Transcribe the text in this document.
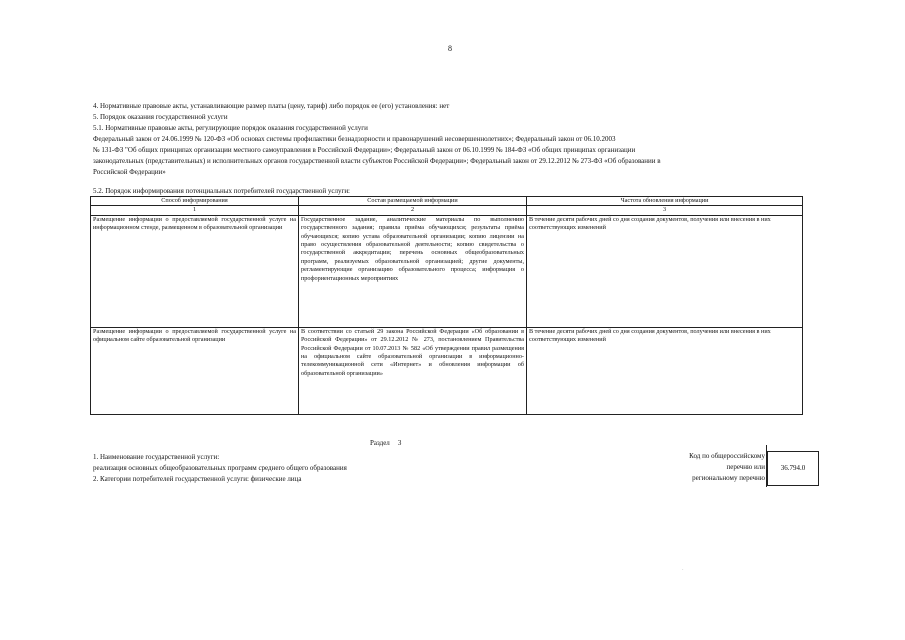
8
4. Нормативные правовые акты, устанавливающие размер платы (цену, тариф) либо порядок ее (его) установления: нет
5. Порядок оказания государственной услуги
5.1. Нормативные правовые акты, регулирующие порядок оказания государственной услуги
Федеральный закон от 24.06.1999 № 120-ФЗ «Об основах системы профилактики безнадзорности и правонарушений несовершеннолетних»; Федеральный закон от 06.10.2003
№ 131-ФЗ "Об общих принципах организации местного самоуправления в Российской Федерации»; Федеральный закон от 06.10.1999 № 184-ФЗ «Об общих принципах организации
законодательных (представительных) и исполнительных органов государственной власти субъектов Российской Федерации»; Федеральный закон от 29.12.2012 № 273-ФЗ «Об образовании в
Российской Федерации»
5.2. Порядок информирования потенциальных потребителей государственной услуги:
Способ информирования	Состав размещаемой информации	Частота обновления информации
1	2	3
Размещение информации о предоставляемой государственной услуге на информационном стенде, размещенном в образовательной организации	Государственное задание, аналитические материалы по выполнению государственного задания; правила приёма обучающихся; результаты приёма обучающихся; копию устава образовательной организации; копию лицензии на право осуществления образовательной деятельности; копию свидетельства о государственной аккредитации; перечень основных общеобразовательных программ, реализуемых образовательной организацией; другие документы, регламентирующие организацию образовательного процесса; информация о профориентационных мероприятиях	В течение десяти рабочих дней со дня создания документов, получения или внесения в них соответствующих изменений
Размещение информации о предоставляемой государственной услуге на официальном сайте образовательной организации	В соответствии со статьей 29 закона Российской Федерации «Об образовании в Российской Федерации» от 29.12.2012 № 273, постановлением Правительства Российской Федерации от 10.07.2013 № 582 «Об утверждении правил размещения на официальном сайте образовательной организации в информационно-телекоммуникационной сети «Интернет» и обновления информации об образовательной организации»	В течение десяти рабочих дней со дня создания документов, получения или внесения в них соответствующих изменений
Раздел 3
1. Наименование государственной услуги:
реализация основных общеобразовательных программ среднего общего образования
2. Категории потребителей государственной услуги: физические лица
Код по общероссийскому
перечню или
региональному перечню
36.794.0
·
